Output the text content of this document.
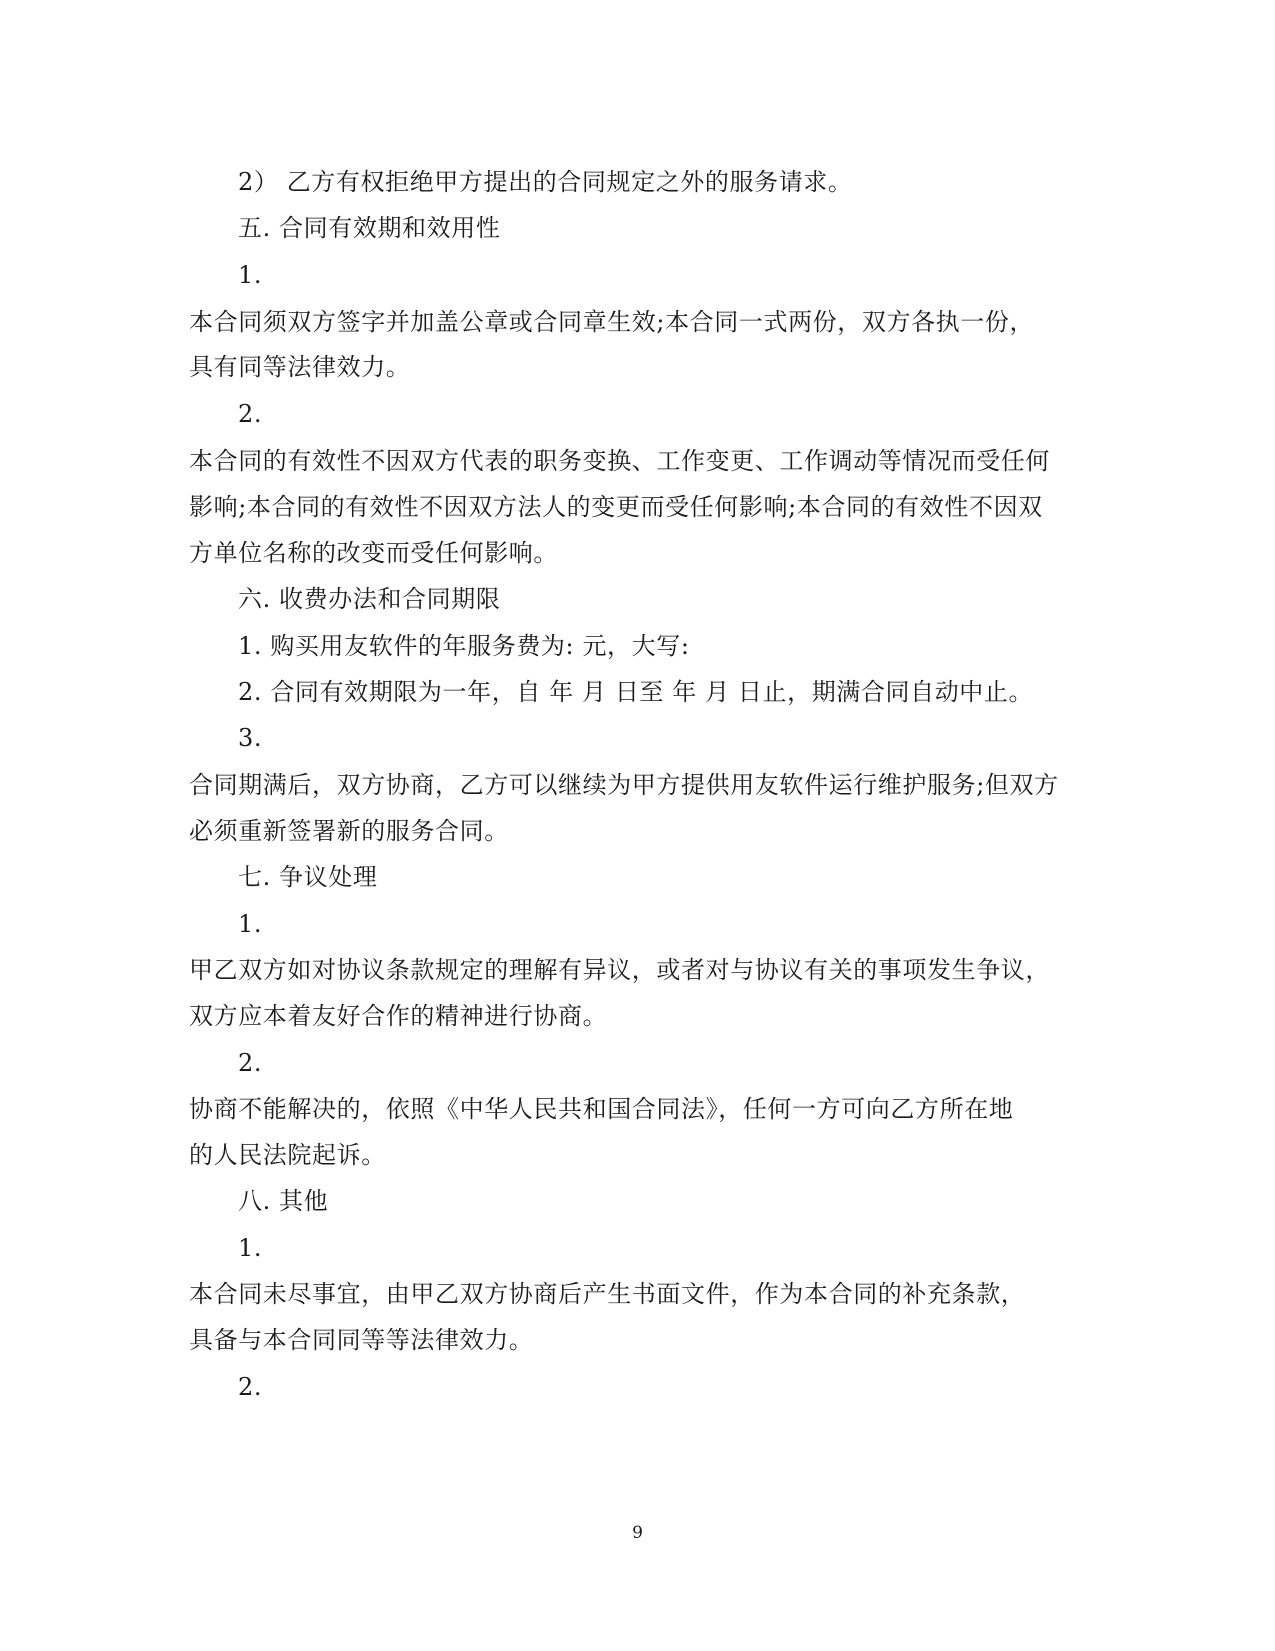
2） 乙方有权拒绝甲方提出的合同规定之外的服务请求。
五. 合同有效期和效用性
1.
本合同须双方签字并加盖公章或合同章生效;本合同一式两份，双方各执一份，
具有同等法律效力。
2.
本合同的有效性不因双方代表的职务变换、工作变更、工作调动等情况而受任何
影响;本合同的有效性不因双方法人的变更而受任何影响;本合同的有效性不因双
方单位名称的改变而受任何影响。
六. 收费办法和合同期限
1. 购买用友软件的年服务费为: 元，大写:
2. 合同有效期限为一年，自 年 月 日至 年 月 日止，期满合同自动中止。
3.
合同期满后，双方协商，乙方可以继续为甲方提供用友软件运行维护服务;但双方
必须重新签署新的服务合同。
七. 争议处理
1.
甲乙双方如对协议条款规定的理解有异议，或者对与协议有关的事项发生争议，
双方应本着友好合作的精神进行协商。
2.
协商不能解决的，依照《中华人民共和国合同法》，任何一方可向乙方所在地
的人民法院起诉。
八. 其他
1.
本合同未尽事宜，由甲乙双方协商后产生书面文件，作为本合同的补充条款，
具备与本合同同等等法律效力。
2.
9
